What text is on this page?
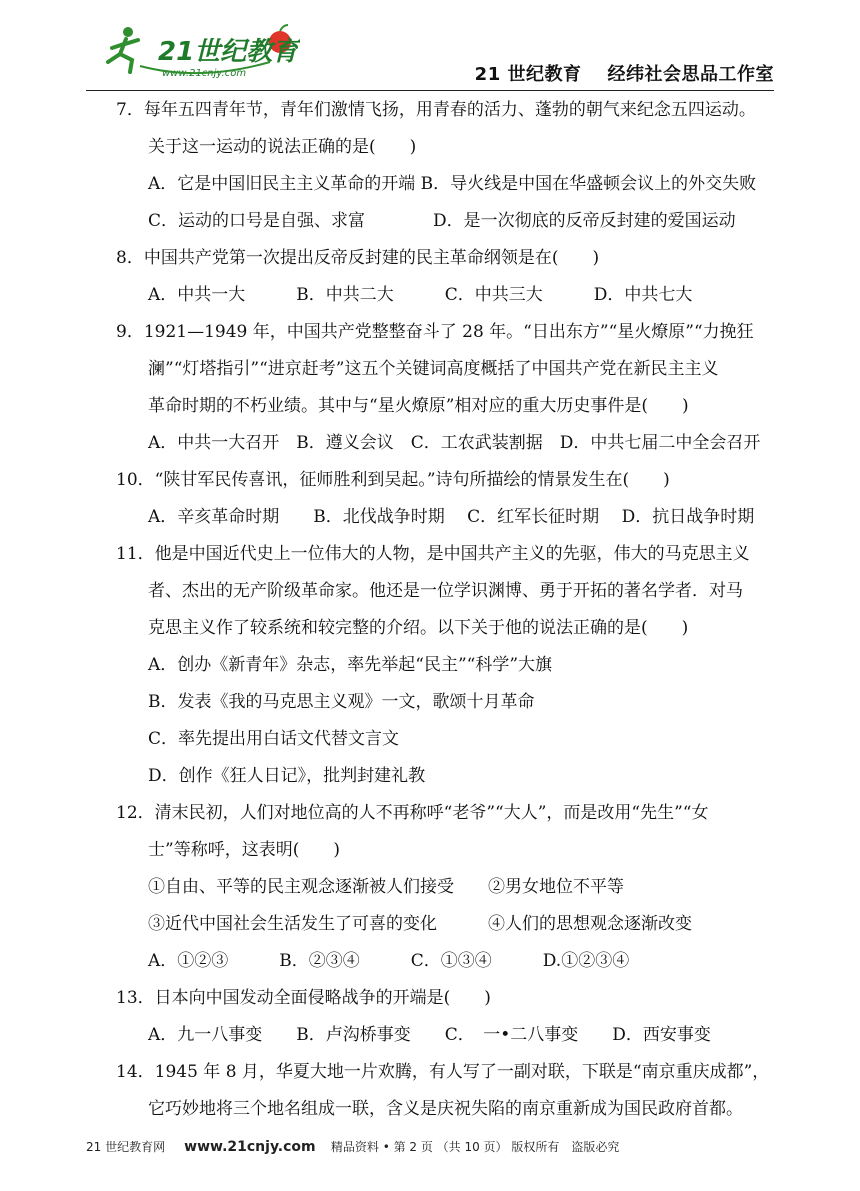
21世纪教育
www.21cnjy.com	21 世纪教育 经纬社会思品工作室
7．每年五四青年节，青年们激情飞扬，用青春的活力、蓬勃的朝气来纪念五四运动。
关于这一运动的说法正确的是(　　)
A．它是中国旧民主主义革命的开端 B．导火线是中国在华盛顿会议上的外交失败
C．运动的口号是自强、求富　　　　D．是一次彻底的反帝反封建的爱国运动
8．中国共产党第一次提出反帝反封建的民主革命纲领是在(　　)
A．中共一大　　　B．中共二大　　　C．中共三大　　　D．中共七大
9．1921—1949 年，中国共产党整整奋斗了 28 年。“日出东方”“星火燎原”“力挽狂
澜”“灯塔指引”“进京赶考”这五个关键词高度概括了中国共产党在新民主主义
革命时期的不朽业绩。其中与“星火燎原”相对应的重大历史事件是(　　)
A．中共一大召开　B．遵义会议　C．工农武装割据　D．中共七届二中全会召开
10．“陕甘军民传喜讯，征师胜利到吴起。”诗句所描绘的情景发生在(　　)
A．辛亥革命时期　　B．北伐战争时期　 C．红军长征时期　 D．抗日战争时期
11．他是中国近代史上一位伟大的人物，是中国共产主义的先驱，伟大的马克思主义
者、杰出的无产阶级革命家。他还是一位学识渊博、勇于开拓的著名学者．对马
克思主义作了较系统和较完整的介绍。以下关于他的说法正确的是(　　)
A．创办《新青年》杂志，率先举起“民主”“科学”大旗
B．发表《我的马克思主义观》一文，歌颂十月革命
C．率先提出用白话文代替文言文
D．创作《狂人日记》，批判封建礼教
12．清末民初，人们对地位高的人不再称呼“老爷”“大人”，而是改用“先生”“女
士”等称呼，这表明(　　)
①自由、平等的民主观念逐渐被人们接受　　②男女地位不平等
③近代中国社会生活发生了可喜的变化　　　④人们的思想观念逐渐改变
A．①②③　　　B．②③④　　　C．①③④　　　D.①②③④
13．日本向中国发动全面侵略战争的开端是(　　)
A．九一八事变　　B．卢沟桥事变　　C．　一•二八事变　　D．西安事变
14．1945 年 8 月，华夏大地一片欢腾，有人写了一副对联，下联是“南京重庆成都”，
它巧妙地将三个地名组成一联，含义是庆祝失陷的南京重新成为国民政府首都。
21 世纪教育网 www.21cnjy.com 精品资料 • 第 2 页 （共 10 页） 版权所有　盗版必究
